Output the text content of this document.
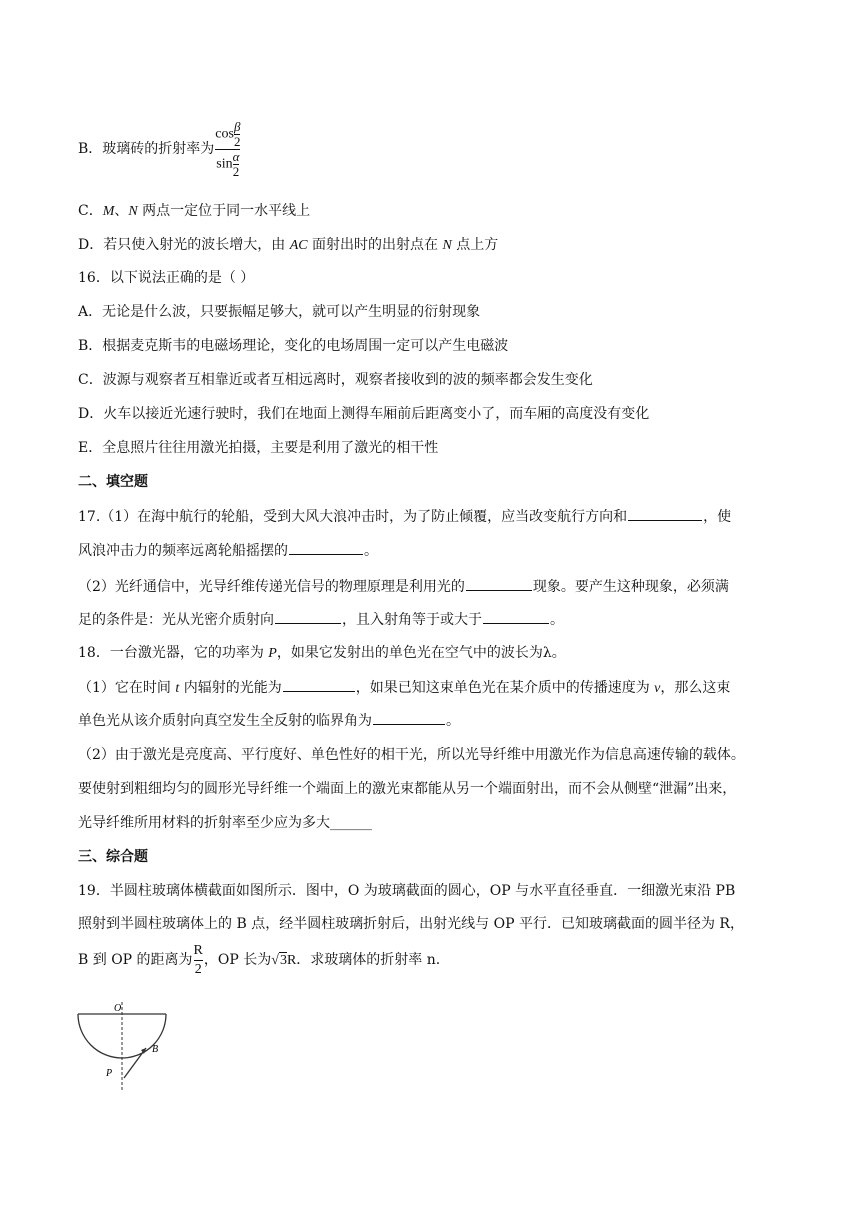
B．玻璃砖的折射率为 $\frac{\cos \frac{\beta}{2}}{\sin \frac{\alpha}{2}}$
C．M、N 两点一定位于同一水平线上
D．若只使入射光的波长增大，由 AC 面射出时的出射点在 N 点上方
16．以下说法正确的是（ ）
A．无论是什么波，只要振幅足够大，就可以产生明显的衍射现象
B．根据麦克斯韦的电磁场理论，变化的电场周围一定可以产生电磁波
C．波源与观察者互相靠近或者互相远离时，观察者接收到的波的频率都会发生变化
D．火车以接近光速行驶时，我们在地面上测得车厢前后距离变小了，而车厢的高度没有变化
E．全息照片往往用激光拍摄，主要是利用了激光的相干性
二、填空题
17.（1）在海中航行的轮船，受到大风大浪冲击时，为了防止倾覆，应当改变航行方向和	，使
风浪冲击力的频率远离轮船摇摆的	。
（2）光纤通信中，光导纤维传递光信号的物理原理是利用光的	现象。要产生这种现象，必须满
足的条件是：光从光密介质射向	，且入射角等于或大于	。
18．一台激光器，它的功率为 P，如果它发射出的单色光在空气中的波长为λ。
（1）它在时间 t 内辐射的光能为	，如果已知这束单色光在某介质中的传播速度为 v，那么这束
单色光从该介质射向真空发生全反射的临界角为	。
（2）由于激光是亮度高、平行度好、单色性好的相干光，所以光导纤维中用激光作为信息高速传输的载体。
要使射到粗细均匀的圆形光导纤维一个端面上的激光束都能从另一个端面射出，而不会从侧壁“泄漏”出来，
光导纤维所用材料的折射率至少应为多大______
三、综合题
19．半圆柱玻璃体横截面如图所示．图中，O 为玻璃截面的圆心，OP 与水平直径垂直．一细激光束沿 PB
照射到半圆柱玻璃体上的 B 点，经半圆柱玻璃折射后，出射光线与 OP 平行．已知玻璃截面的圆半径为 R，
B 到 OP 的距离为 $\frac{R}{2}$ ，OP 长为√3R．求玻璃体的折射率 n.
O
B
P
